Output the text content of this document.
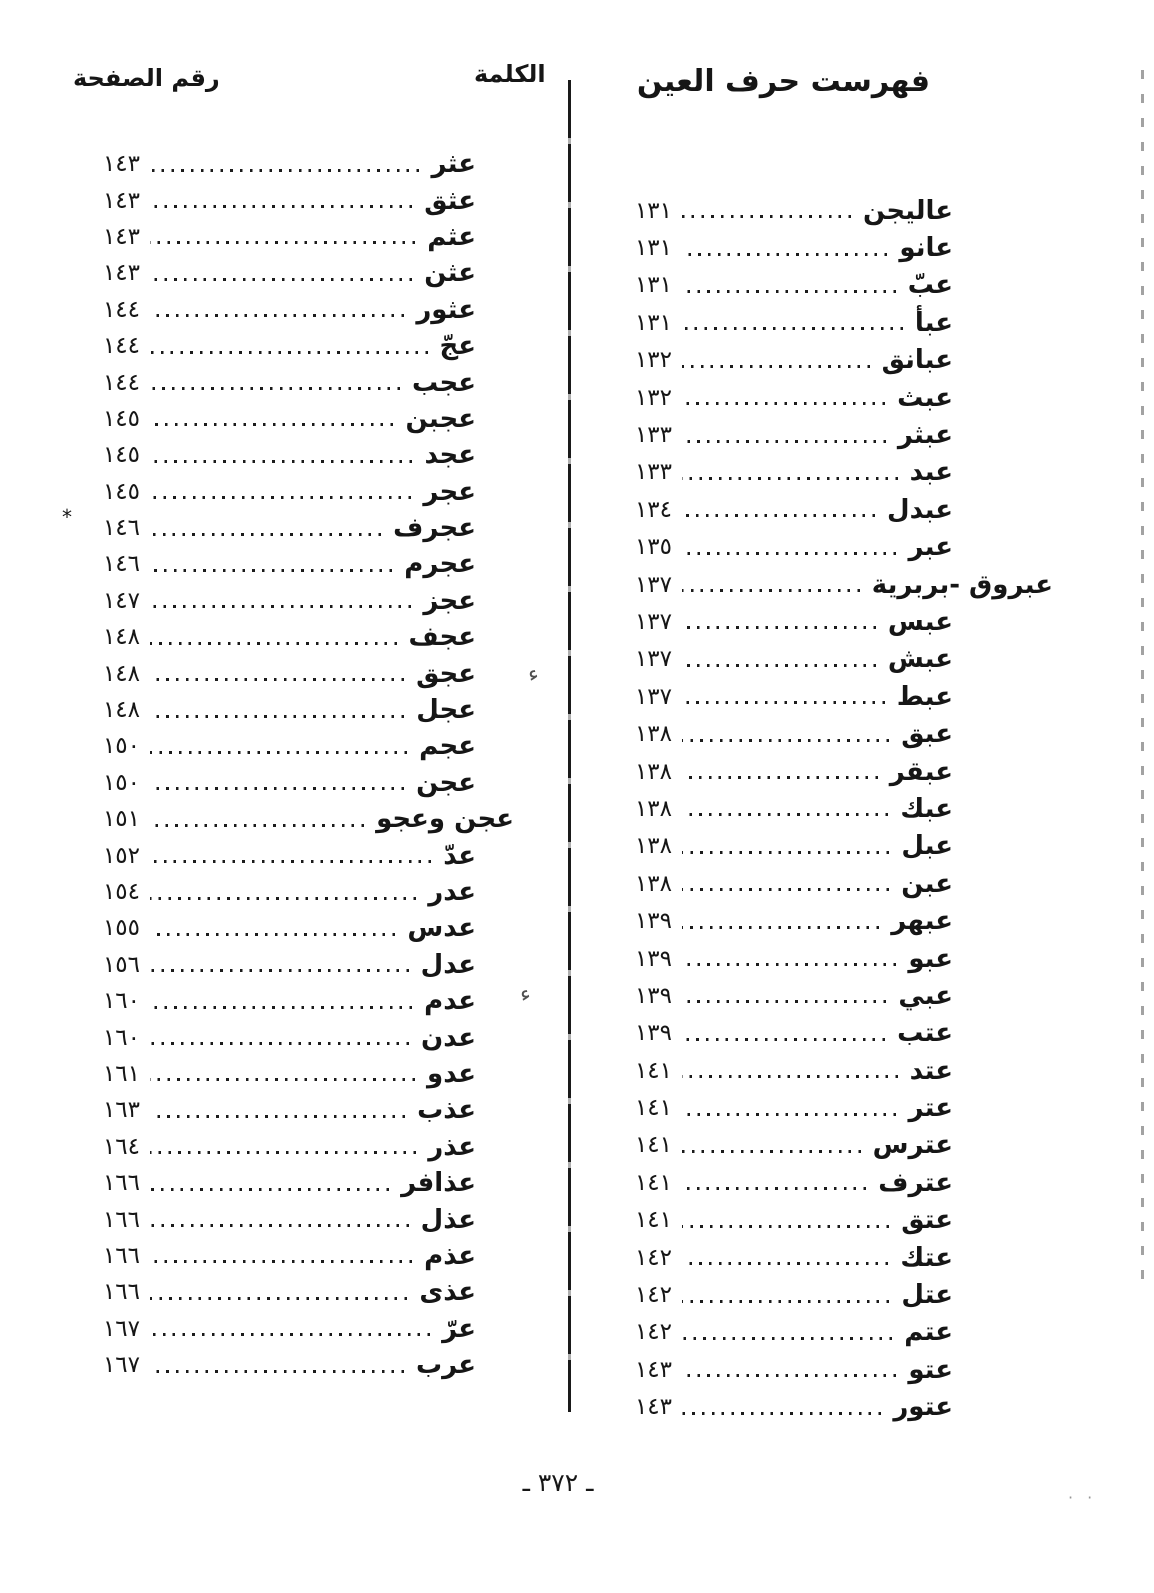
رقم الصفحة	الكلمة	فهرست حرف العين
عاليجن
١٣١
عانو
١٣١
عبّ
١٣١
عبأ
١٣١
عبانق
١٣٢
عبث
١٣٢
عبثر
١٣٣
عبد
١٣٣
عبدل
١٣٤
عبر
١٣٥
عبروق -بربرية
١٣٧
عبس
١٣٧
عبش
١٣٧
عبط
١٣٧
عبق
١٣٨
عبقر
١٣٨
عبك
١٣٨
عبل
١٣٨
عبن
١٣٨
عبهر
١٣٩
عبو
١٣٩
عبي
١٣٩
عتب
١٣٩
عتد
١٤١
عتر
١٤١
عترس
١٤١
عترف
١٤١
عتق
١٤١
عتك
١٤٢
عتل
١٤٢
عتم
١٤٢
عتو
١٤٣
عتور
١٤٣
عثر
١٤٣
عثق
١٤٣
عثم
١٤٣
عثن
١٤٣
عثور
١٤٤
عجّ
١٤٤
عجب
١٤٤
عجبن
١٤٥
عجد
١٤٥
عجر
١٤٥
عجرف
١٤٦
*
عجرم
١٤٦
عجز
١٤٧
عجف
١٤٨
عجق
١٤٨
عجل
١٤٨
عجم
١٥٠
عجن
١٥٠
عجن وعجو
١٥١
عدّ
١٥٢
عدر
١٥٤
عدس
١٥٥
عدل
١٥٦
عدم
١٦٠
عدن
١٦٠
عدو
١٦١
عذب
١٦٣
عذر
١٦٤
عذافر
١٦٦
عذل
١٦٦
عذم
١٦٦
عذى
١٦٦
عرّ
١٦٧
عرب
١٦٧
ـ ٣٧٢ ـ
ء
ء
··
